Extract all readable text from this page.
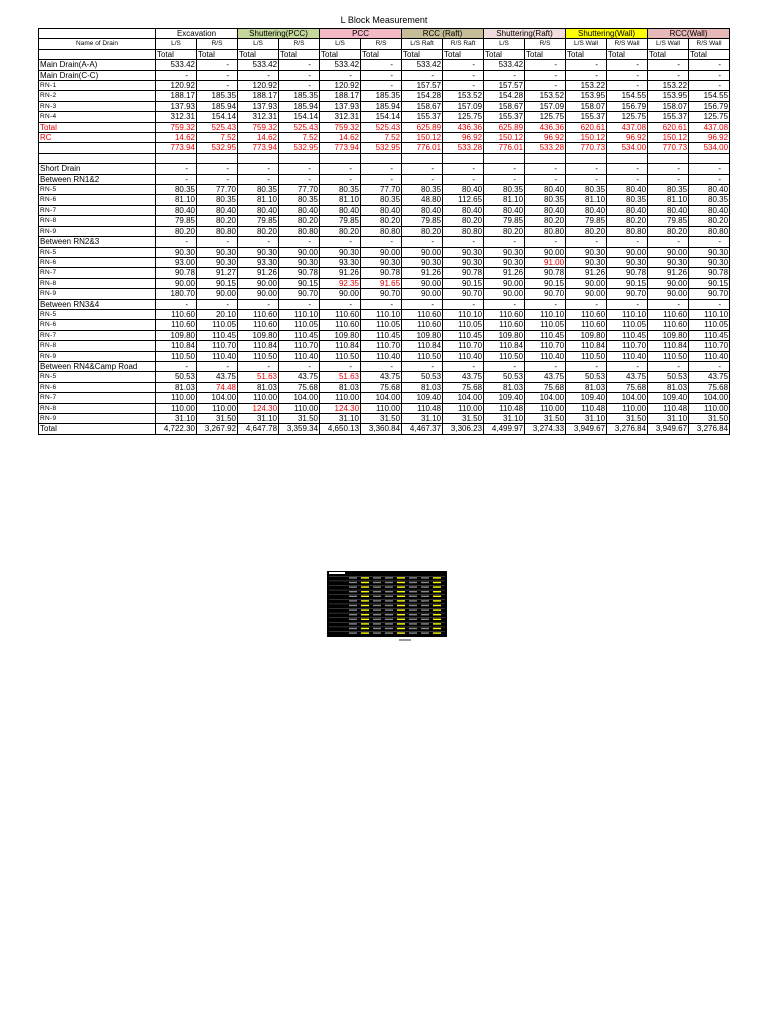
L Block Measurement
	Excavation		Shuttering(PCC)		PCC		RCC (Raft)		Shuttering(Raft)		Shuttering(Wall)		RCC(Wall)	
Name of Drain	L/S	R/S	L/S	R/S	L/S	R/S	L/S Raft	R/S Raft	L/S	R/S	L/S Wall	R/S Wall	L/S Wall	R/S Wall
	Total	Total	Total	Total	Total	Total	Total	Total	Total	Total	Total	Total	Total	Total
Main Drain(A-A)	533.42	-	533.42	-	533.42	-	533.42	-	533.42	-	-	-	-	-
Main Drain(C-C)	-	-	-	-	-	-	-	-	-	-	-	-	-	-
RN-1	120.92	-	120.92	-	120.92	-	157.57	-	157.57	-	153.22	-	153.22	-
RN-2	188.17	185.35	188.17	185.35	188.17	185.35	154.28	153.52	154.28	153.52	153.95	154.55	153.95	154.55
RN-3	137.93	185.94	137.93	185.94	137.93	185.94	158.67	157.09	158.67	157.09	158.07	156.79	158.07	156.79
RN-4	312.31	154.14	312.31	154.14	312.31	154.14	155.37	125.75	155.37	125.75	155.37	125.75	155.37	125.75
Total	759.32	525.43	759.32	525.43	759.32	525.43	625.89	436.36	625.89	436.36	620.61	437.08	620.61	437.08
RC	14.62	7.52	14.62	7.52	14.62	7.52	150.12	96.92	150.12	96.92	150.12	96.92	150.12	96.92
	773.94	532.95	773.94	532.95	773.94	532.95	776.01	533.28	776.01	533.28	770.73	534.00	770.73	534.00

Short Drain	-	-	-	-	-	-	-	-	-	-	-	-	-	-
Between RN1&2	-	-	-	-	-	-	-	-	-	-	-	-	-	-
RN-5	80.35	77.70	80.35	77.70	80.35	77.70	80.35	80.40	80.35	80.40	80.35	80.40	80.35	80.40
RN-6	81.10	80.35	81.10	80.35	81.10	80.35	48.80	112.65	81.10	80.35	81.10	80.35	81.10	80.35
RN-7	80.40	80.40	80.40	80.40	80.40	80.40	80.40	80.40	80.40	80.40	80.40	80.40	80.40	80.40
RN-8	79.85	80.20	79.85	80.20	79.85	80.20	79.85	80.20	79.85	80.20	79.85	80.20	79.85	80.20
RN-9	80.20	80.80	80.20	80.80	80.20	80.80	80.20	80.80	80.20	80.80	80.20	80.80	80.20	80.80
Between RN2&3	-	-	-	-	-	-	-	-	-	-	-	-	-	-
RN-5	90.30	90.30	90.30	90.00	90.30	90.00	90.00	90.30	90.30	90.00	90.30	90.00	90.00	90.30
RN-6	93.00	90.30	93.30	90.30	93.30	90.30	90.30	90.30	90.30	91.00	90.30	90.30	90.30	90.30
RN-7	90.78	91.27	91.26	90.78	91.26	90.78	91.26	90.78	91.26	90.78	91.26	90.78	91.26	90.78
RN-8	90.00	90.15	90.00	90.15	92.35	91.65	90.00	90.15	90.00	90.15	90.00	90.15	90.00	90.15
RN-9	180.70	90.00	90.00	90.70	90.00	90.70	90.00	90.70	90.00	90.70	90.00	90.70	90.00	90.70
Between RN3&4	-	-	-	-	-	-	-	-	-	-	-	-	-	-
RN-5	110.60	20.10	110.60	110.10	110.60	110.10	110.60	110.10	110.60	110.10	110.60	110.10	110.60	110.10
RN-6	110.60	110.05	110.60	110.05	110.60	110.05	110.60	110.05	110.60	110.05	110.60	110.05	110.60	110.05
RN-7	109.80	110.45	109.80	110.45	109.80	110.45	109.80	110.45	109.80	110.45	109.80	110.45	109.80	110.45
RN-8	110.84	110.70	110.84	110.70	110.84	110.70	110.84	110.70	110.84	110.70	110.84	110.70	110.84	110.70
RN-9	110.50	110.40	110.50	110.40	110.50	110.40	110.50	110.40	110.50	110.40	110.50	110.40	110.50	110.40
Between RN4&Camp Road	-	-	-	-	-	-	-	-	-	-	-	-	-	-
RN-5	50.53	43.75	51.63	43.75	51.63	43.75	50.53	43.75	50.53	43.75	50.53	43.75	50.53	43.75
RN-6	81.03	74.48	81.03	75.68	81.03	75.68	81.03	75.68	81.03	75.68	81.03	75.68	81.03	75.68
RN-7	110.00	104.00	110.00	104.00	110.00	104.00	109.40	104.00	109.40	104.00	109.40	104.00	109.40	104.00
RN-8	110.00	110.00	124.30	110.00	124.30	110.00	110.48	110.00	110.48	110.00	110.48	110.00	110.48	110.00
RN-9	31.10	31.50	31.10	31.50	31.10	31.50	31.10	31.50	31.10	31.50	31.10	31.50	31.10	31.50
Total	4,722.30	3,267.92	4,647.78	3,359.34	4,650.13	3,360.84	4,467.37	3,306.23	4,499.97	3,274.33	3,949.67	3,276.84	3,949.67	3,276.84
